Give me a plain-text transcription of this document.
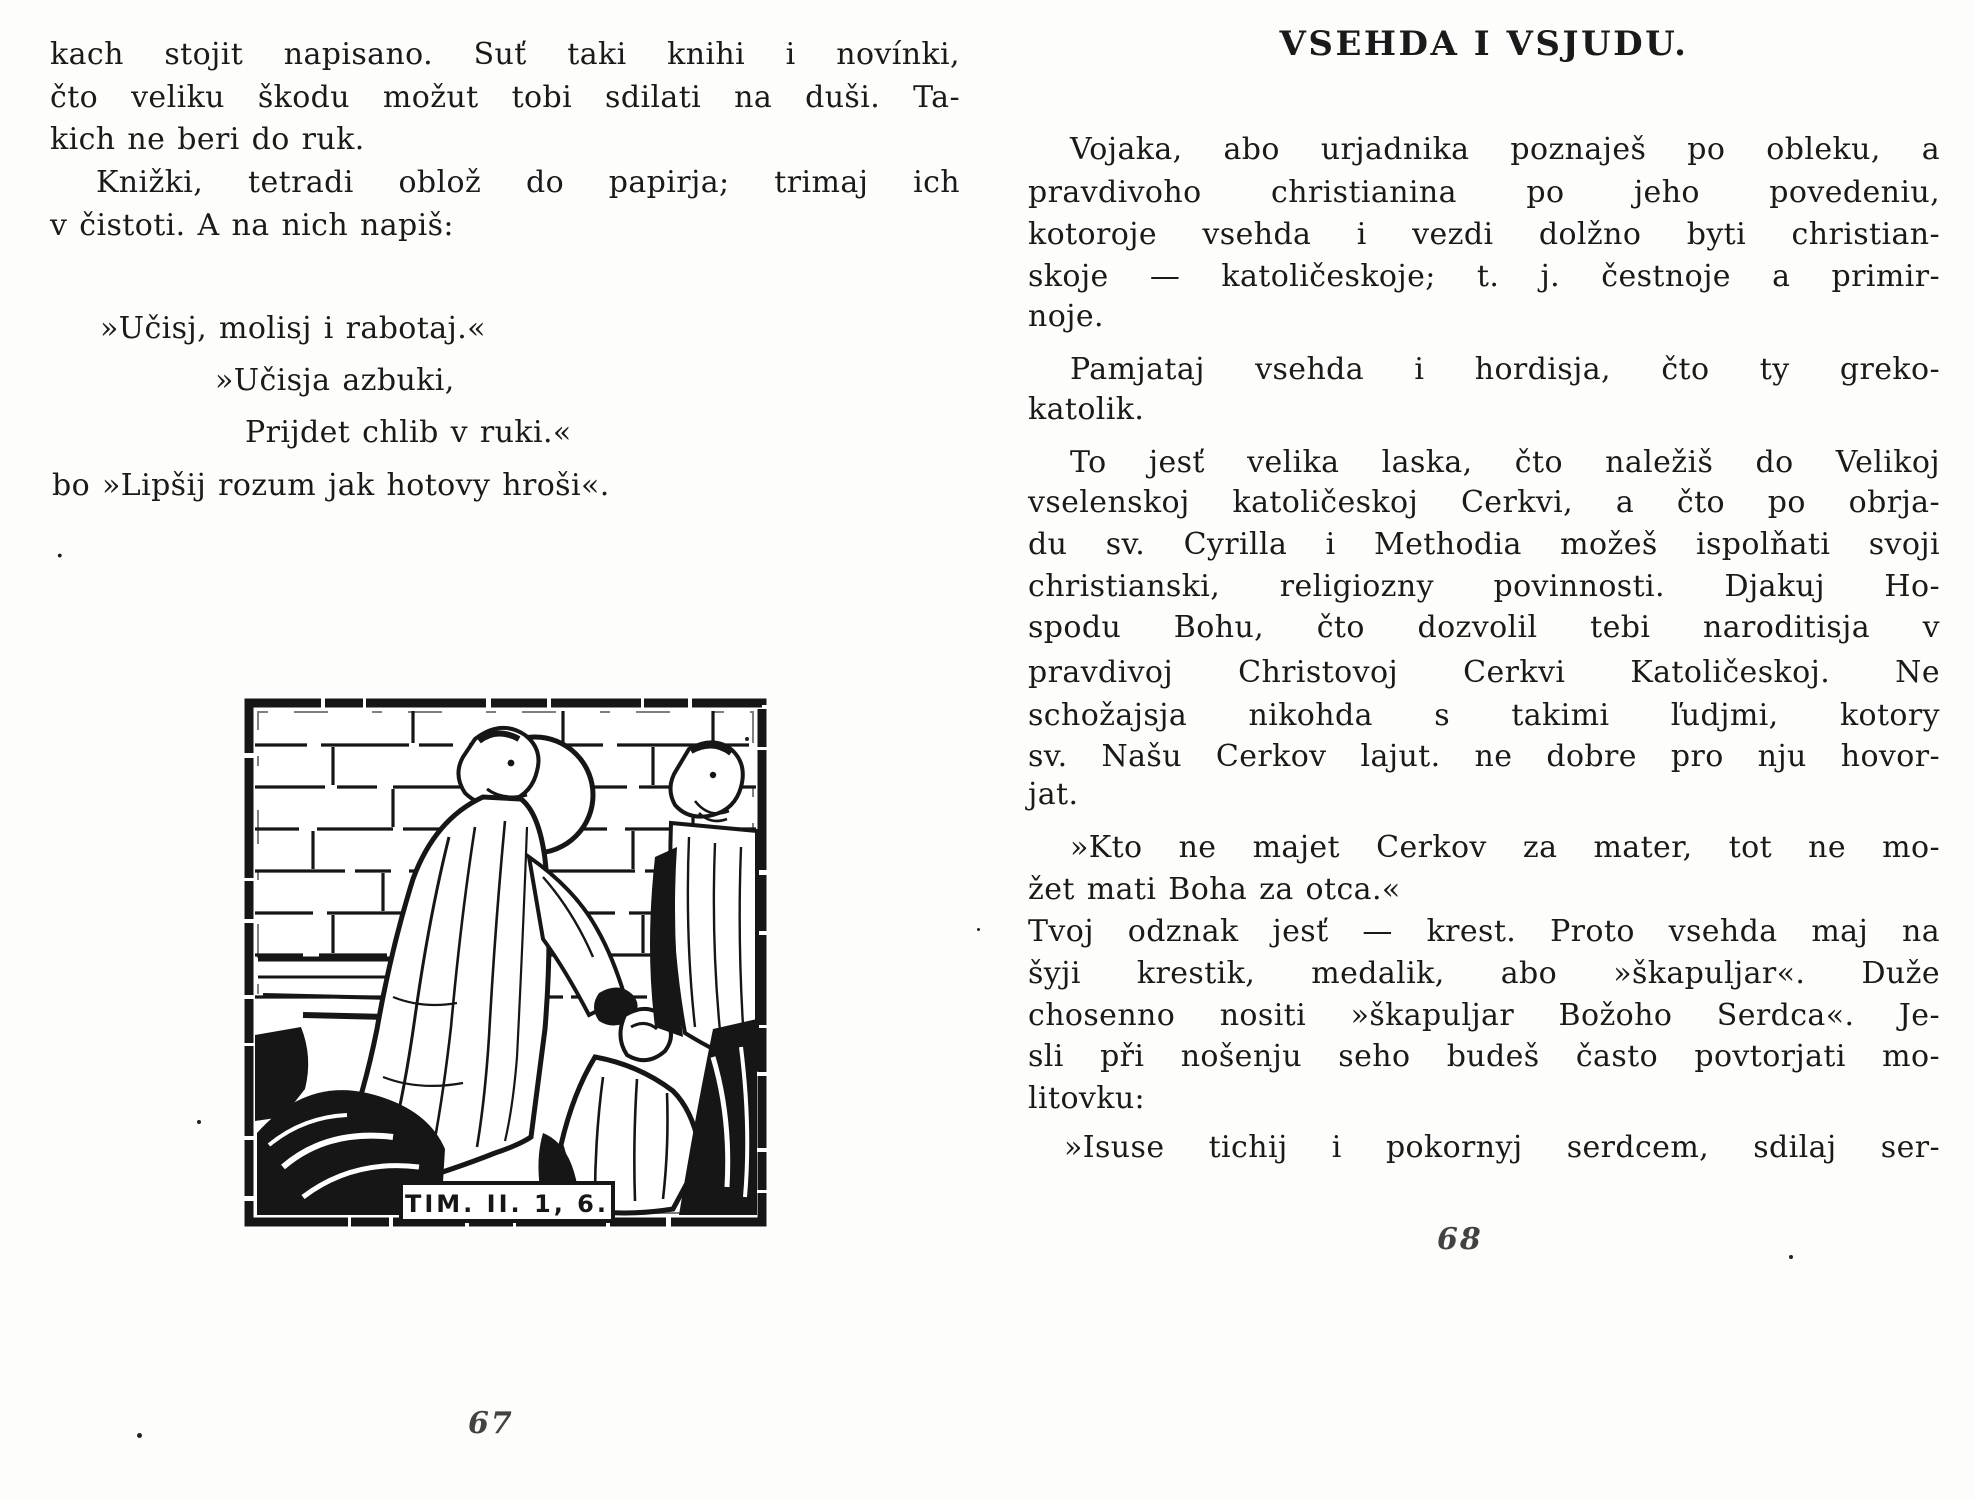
TIM. II. 1, 6.
67
kach stojit napisano. Suť taki knihi i novínki,
čto veliku škodu možut tobi sdilati na duši. Ta-
kich ne beri do ruk.
Knižki, tetradi oblož do papirja; trimaj ich
v čistoti. A na nich napiš:
»Učisj, molisj i rabotaj.«
»Učisja azbuki,
Prijdet chlib v ruki.«
bo »Lipšij rozum jak hotovy hroši«.
.
VSEHDA I VSJUDU.
68
Vojaka, abo urjadnika poznaješ po obleku, a
pravdivoho christianina po jeho povedeniu,
kotoroje vsehda i vezdi dolžno byti christian-
skoje — katoličeskoje; t. j. čestnoje a primir-
noje.
Pamjataj vsehda i hordisja, čto ty greko-
katolik.
To jesť velika laska, čto naležiš do Velikoj
vselenskoj katoličeskoj Cerkvi, a čto po obrja-
du sv. Cyrilla i Methodia možeš ispolňati svoji
christianski, religiozny povinnosti. Djakuj Ho-
spodu Bohu, čto dozvolil tebi naroditisja v
pravdivoj Christovoj Cerkvi Katoličeskoj. Ne
schožajsja nikohda s takimi ľudjmi, kotory
sv. Našu Cerkov lajut. ne dobre pro nju hovor-
jat.
»Kto ne majet Cerkov za mater, tot ne mo-
žet mati Boha za otca.«
Tvoj odznak jesť — krest. Proto vsehda maj na
šyji krestik, medalik, abo »škapuljar«. Duže
chosenno nositi »škapuljar Božoho Serdca«. Je-
sli při nošenju seho budeš často povtorjati mo-
litovku:
»Isuse tichij i pokornyj serdcem, sdilaj ser-
